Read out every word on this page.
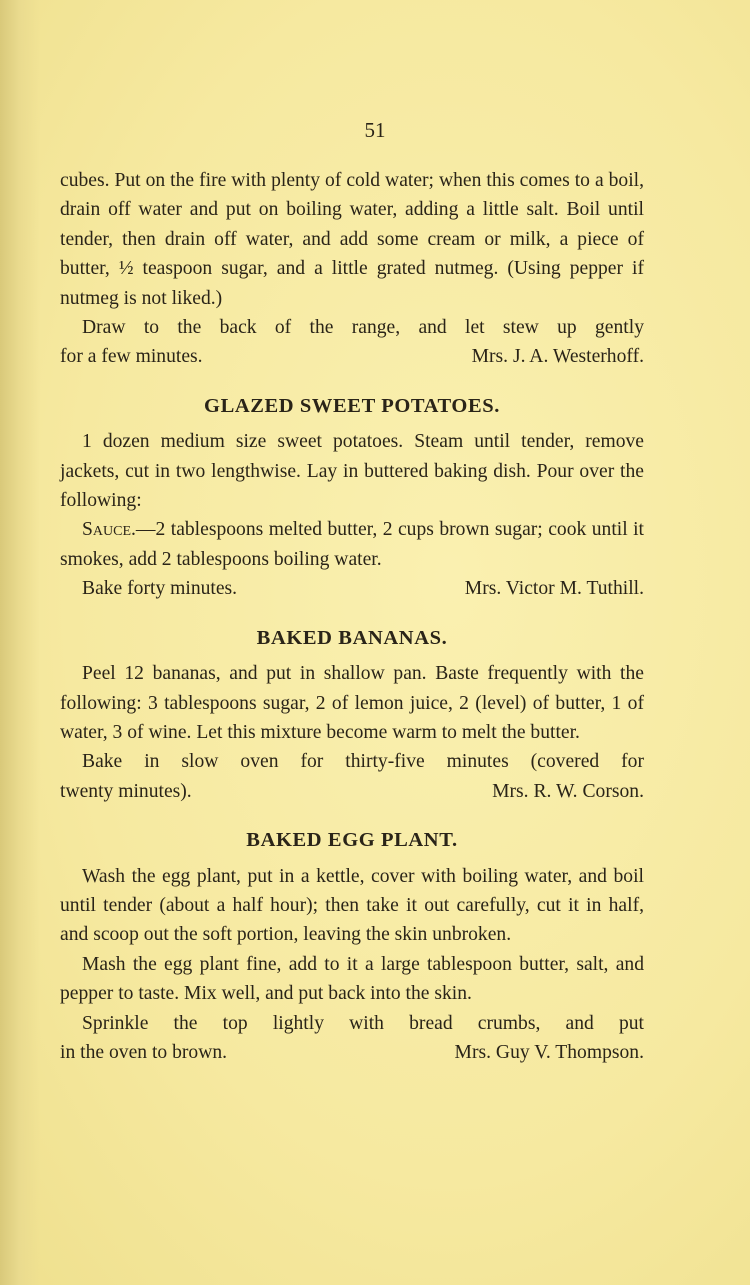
51

cubes. Put on the fire with plenty of cold water; when this comes to a boil, drain off water and put on boiling water, adding a little salt. Boil until tender, then drain off water, and add some cream or milk, a piece of butter, ½ teaspoon sugar, and a little grated nutmeg. (Using pepper if nutmeg is not liked.)

Draw to the back of the range, and let stew up gently

for a few minutes.	Mrs. J. A. Westerhoff.
GLAZED SWEET POTATOES.

1 dozen medium size sweet potatoes. Steam until tender, remove jackets, cut in two lengthwise. Lay in buttered baking dish. Pour over the following:

Sauce.—2 tablespoons melted butter, 2 cups brown sugar; cook until it smokes, add 2 tablespoons boiling water.

Bake forty minutes.	Mrs. Victor M. Tuthill.
BAKED BANANAS.

Peel 12 bananas, and put in shallow pan. Baste frequently with the following: 3 tablespoons sugar, 2 of lemon juice, 2 (level) of butter, 1 of water, 3 of wine. Let this mixture become warm to melt the butter.

Bake in slow oven for thirty-five minutes (covered for

twenty minutes).	Mrs. R. W. Corson.
BAKED EGG PLANT.

Wash the egg plant, put in a kettle, cover with boiling water, and boil until tender (about a half hour); then take it out carefully, cut it in half, and scoop out the soft portion, leaving the skin unbroken.

Mash the egg plant fine, add to it a large tablespoon butter, salt, and pepper to taste. Mix well, and put back into the skin.

Sprinkle the top lightly with bread crumbs, and put

in the oven to brown.	Mrs. Guy V. Thompson.
